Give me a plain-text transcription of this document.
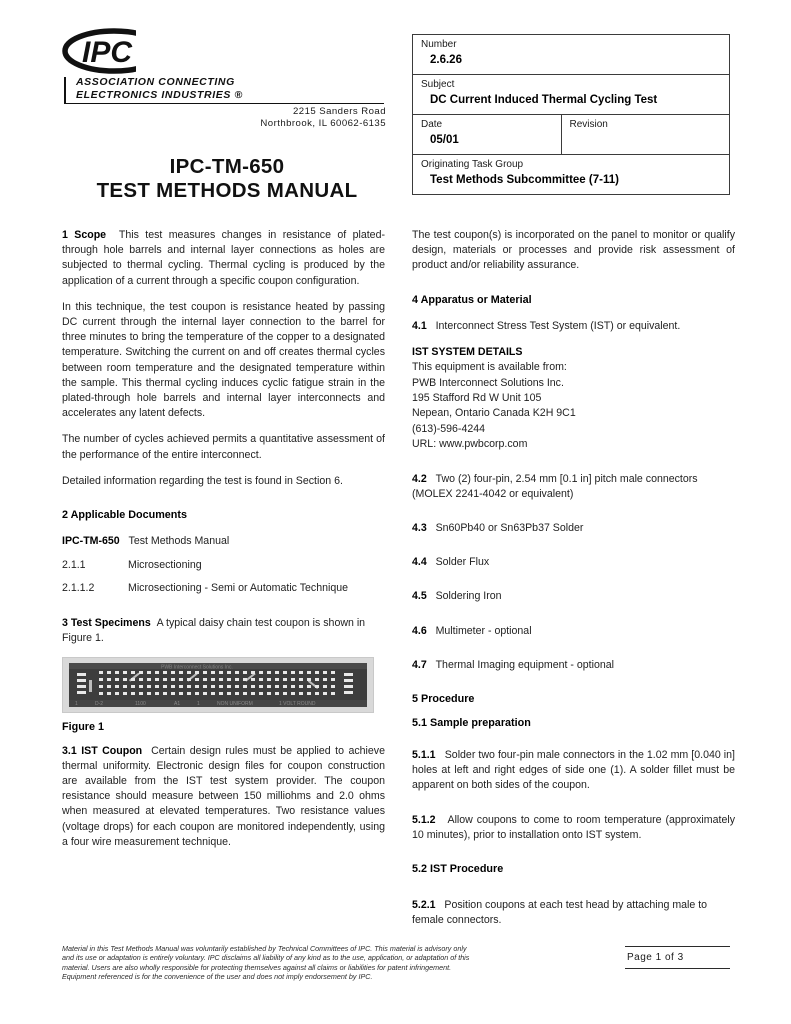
IPC
ASSOCIATION CONNECTING
ELECTRONICS INDUSTRIES ®
2215 Sanders Road
Northbrook, IL 60062-6135
IPC-TM-650
TEST METHODS MANUAL
Number
2.6.26
Subject
DC Current Induced Thermal Cycling Test
Date
05/01
Revision
Originating Task Group
Test Methods Subcommittee (7-11)

1 Scope This test measures changes in resistance of plated-through hole barrels and internal layer connections as holes are subjected to thermal cycling. Thermal cycling is produced by the application of a current through a specific coupon configuration.

In this technique, the test coupon is resistance heated by passing DC current through the internal layer connection to the barrel for three minutes to bring the temperature of the copper to a designated temperature. Switching the current on and off creates thermal cycles between room temperature and the designated temperature within the sample. This thermal cycling induces cyclic fatigue strain in the plated-through hole barrels and internal layer interconnects and accelerates any latent defects.

The number of cycles achieved permits a quantitative assessment of the performance of the entire interconnect.

Detailed information regarding the test is found in Section 6.

2 Applicable Documents

IPC-TM-650 Test Methods Manual

2.1.1	Microsectioning
2.1.1.2	Microsectioning - Semi or Automatic Technique

3 Test Specimens A typical daisy chain test coupon is shown in Figure 1.

PWB Interconnect Solutions Inc.
1	D-2	1100	A1	1	NON UNIFORM	1 VOLT ROUND
Figure 1

3.1 IST Coupon Certain design rules must be applied to achieve thermal uniformity. Electronic design files for coupon construction are available from the IST test system provider. The coupon resistance should measure between 150 milliohms and 2.0 ohms when measured at elevated temperatures. Two resistance values (voltage drops) for each coupon are monitored independently, using a four wire measurement technique.

The test coupon(s) is incorporated on the panel to monitor or qualify design, materials or processes and provide risk assessment of product and/or reliability assurance.

4 Apparatus or Material

4.1 Interconnect Stress Test System (IST) or equivalent.

IST SYSTEM DETAILS
This equipment is available from:
PWB Interconnect Solutions Inc.
195 Stafford Rd W Unit 105
Nepean, Ontario Canada K2H 9C1
(613)-596-4244
URL: www.pwbcorp.com

4.2 Two (2) four-pin, 2.54 mm [0.1 in] pitch male connectors (MOLEX 2241-4042 or equivalent)

4.3 Sn60Pb40 or Sn63Pb37 Solder

4.4 Solder Flux

4.5 Soldering Iron

4.6 Multimeter - optional

4.7 Thermal Imaging equipment - optional

5 Procedure
5.1 Sample preparation

5.1.1 Solder two four-pin male connectors in the 1.02 mm [0.040 in] holes at left and right edges of side one (1). A solder fillet must be apparent on both sides of the coupon.

5.1.2 Allow coupons to come to room temperature (approximately 10 minutes), prior to installation onto IST system.

5.2 IST Procedure

5.2.1 Position coupons at each test head by attaching male to female connectors.

Material in this Test Methods Manual was voluntarily established by Technical Committees of IPC. This material is advisory only

and its use or adaptation is entirely voluntary. IPC disclaims all liability of any kind as to the use, application, or adaptation of this

material. Users are also wholly responsible for protecting themselves against all claims or liabilities for patent infringement.

Equipment referenced is for the convenience of the user and does not imply endorsement by IPC.

Page 1 of 3
